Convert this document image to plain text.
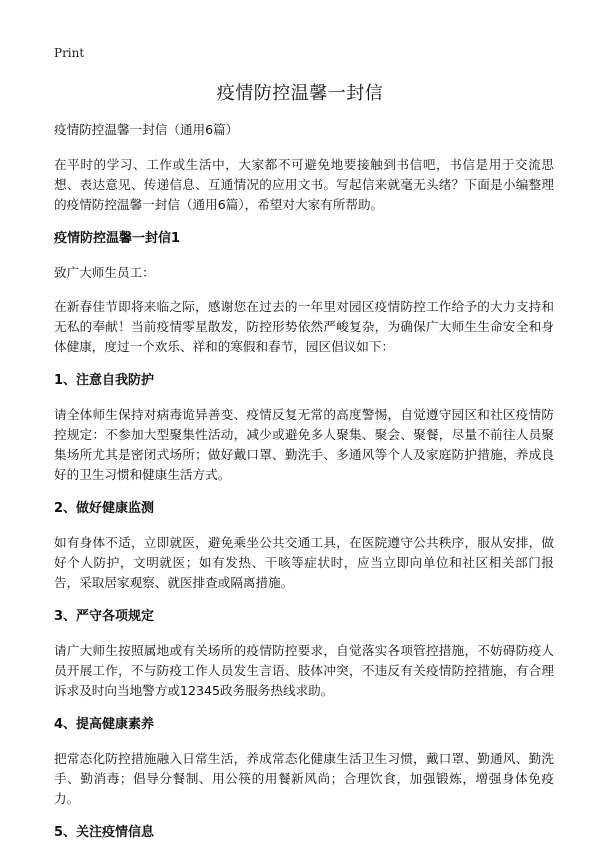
Print
疫情防控温馨一封信

疫情防控温馨一封信（通用6篇）

在平时的学习、工作或生活中，大家都不可避免地要接触到书信吧，书信是用于交流思想、表达意见、传递信息、互通情况的应用文书。写起信来就毫无头绪？下面是小编整理的疫情防控温馨一封信（通用6篇），希望对大家有所帮助。

疫情防控温馨一封信1

致广大师生员工：

在新春佳节即将来临之际，感谢您在过去的一年里对园区疫情防控工作给予的大力支持和无私的奉献！当前疫情零星散发，防控形势依然严峻复杂，为确保广大师生生命安全和身体健康，度过一个欢乐、祥和的寒假和春节，园区倡议如下：

1、注意自我防护

请全体师生保持对病毒诡异善变、疫情反复无常的高度警惕，自觉遵守园区和社区疫情防控规定：不参加大型聚集性活动，减少或避免多人聚集、聚会、聚餐，尽量不前往人员聚集场所尤其是密闭式场所；做好戴口罩、勤洗手、多通风等个人及家庭防护措施，养成良好的卫生习惯和健康生活方式。

2、做好健康监测

如有身体不适，立即就医，避免乘坐公共交通工具，在医院遵守公共秩序，服从安排，做好个人防护，文明就医；如有发热、干咳等症状时，应当立即向单位和社区相关部门报告，采取居家观察、就医排查或隔离措施。

3、严守各项规定

请广大师生按照属地或有关场所的疫情防控要求，自觉落实各项管控措施，不妨碍防疫人员开展工作，不与防疫工作人员发生言语、肢体冲突，不违反有关疫情防控措施，有合理诉求及时向当地警方或12345政务服务热线求助。

4、提高健康素养

把常态化防控措施融入日常生活，养成常态化健康生活卫生习惯，戴口罩、勤通风、勤洗手、勤消毒；倡导分餐制、用公筷的用餐新风尚；合理饮食，加强锻炼，增强身体免疫力。

5、关注疫情信息
